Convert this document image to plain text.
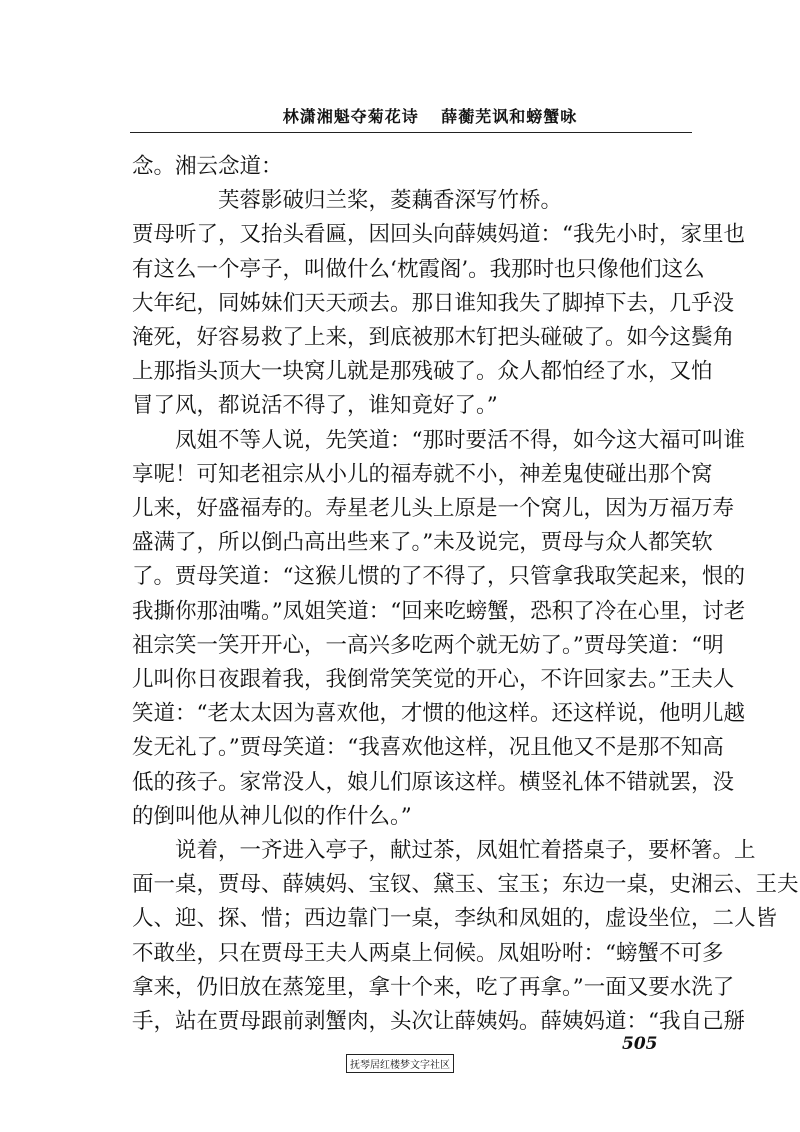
林潇湘魁夺菊花诗 薛蘅芜讽和螃蟹咏
念。湘云念道：
芙蓉影破归兰桨，菱藕香深写竹桥。
贾母听了，又抬头看匾，因回头向薛姨妈道：“我先小时，家里也
有这么一个亭子，叫做什么‘枕霞阁’。我那时也只像他们这么
大年纪，同姊妹们天天顽去。那日谁知我失了脚掉下去，几乎没
淹死，好容易救了上来，到底被那木钉把头碰破了。如今这鬓角
上那指头顶大一块窝儿就是那残破了。众人都怕经了水，又怕
冒了风，都说活不得了，谁知竟好了。”
凤姐不等人说，先笑道：“那时要活不得，如今这大福可叫谁
享呢！可知老祖宗从小儿的福寿就不小，神差鬼使碰出那个窝
儿来，好盛福寿的。寿星老儿头上原是一个窝儿，因为万福万寿
盛满了，所以倒凸高出些来了。”未及说完，贾母与众人都笑软
了。贾母笑道：“这猴儿惯的了不得了，只管拿我取笑起来，恨的
我撕你那油嘴。”凤姐笑道：“回来吃螃蟹，恐积了冷在心里，讨老
祖宗笑一笑开开心，一高兴多吃两个就无妨了。”贾母笑道：“明
儿叫你日夜跟着我，我倒常笑笑觉的开心，不许回家去。”王夫人
笑道：“老太太因为喜欢他，才惯的他这样。还这样说，他明儿越
发无礼了。”贾母笑道：“我喜欢他这样，况且他又不是那不知高
低的孩子。家常没人，娘儿们原该这样。横竖礼体不错就罢，没
的倒叫他从神儿似的作什么。”
说着，一齐进入亭子，献过茶，凤姐忙着搭桌子，要杯箸。上
面一桌，贾母、薛姨妈、宝钗、黛玉、宝玉；东边一桌，史湘云、王夫
人、迎、探、惜；西边靠门一桌，李纨和凤姐的，虚设坐位，二人皆
不敢坐，只在贾母王夫人两桌上伺候。凤姐吩咐：“螃蟹不可多
拿来，仍旧放在蒸笼里，拿十个来，吃了再拿。”一面又要水洗了
手，站在贾母跟前剥蟹肉，头次让薛姨妈。薛姨妈道：“我自己掰
抚琴居红楼梦文字社区
505
